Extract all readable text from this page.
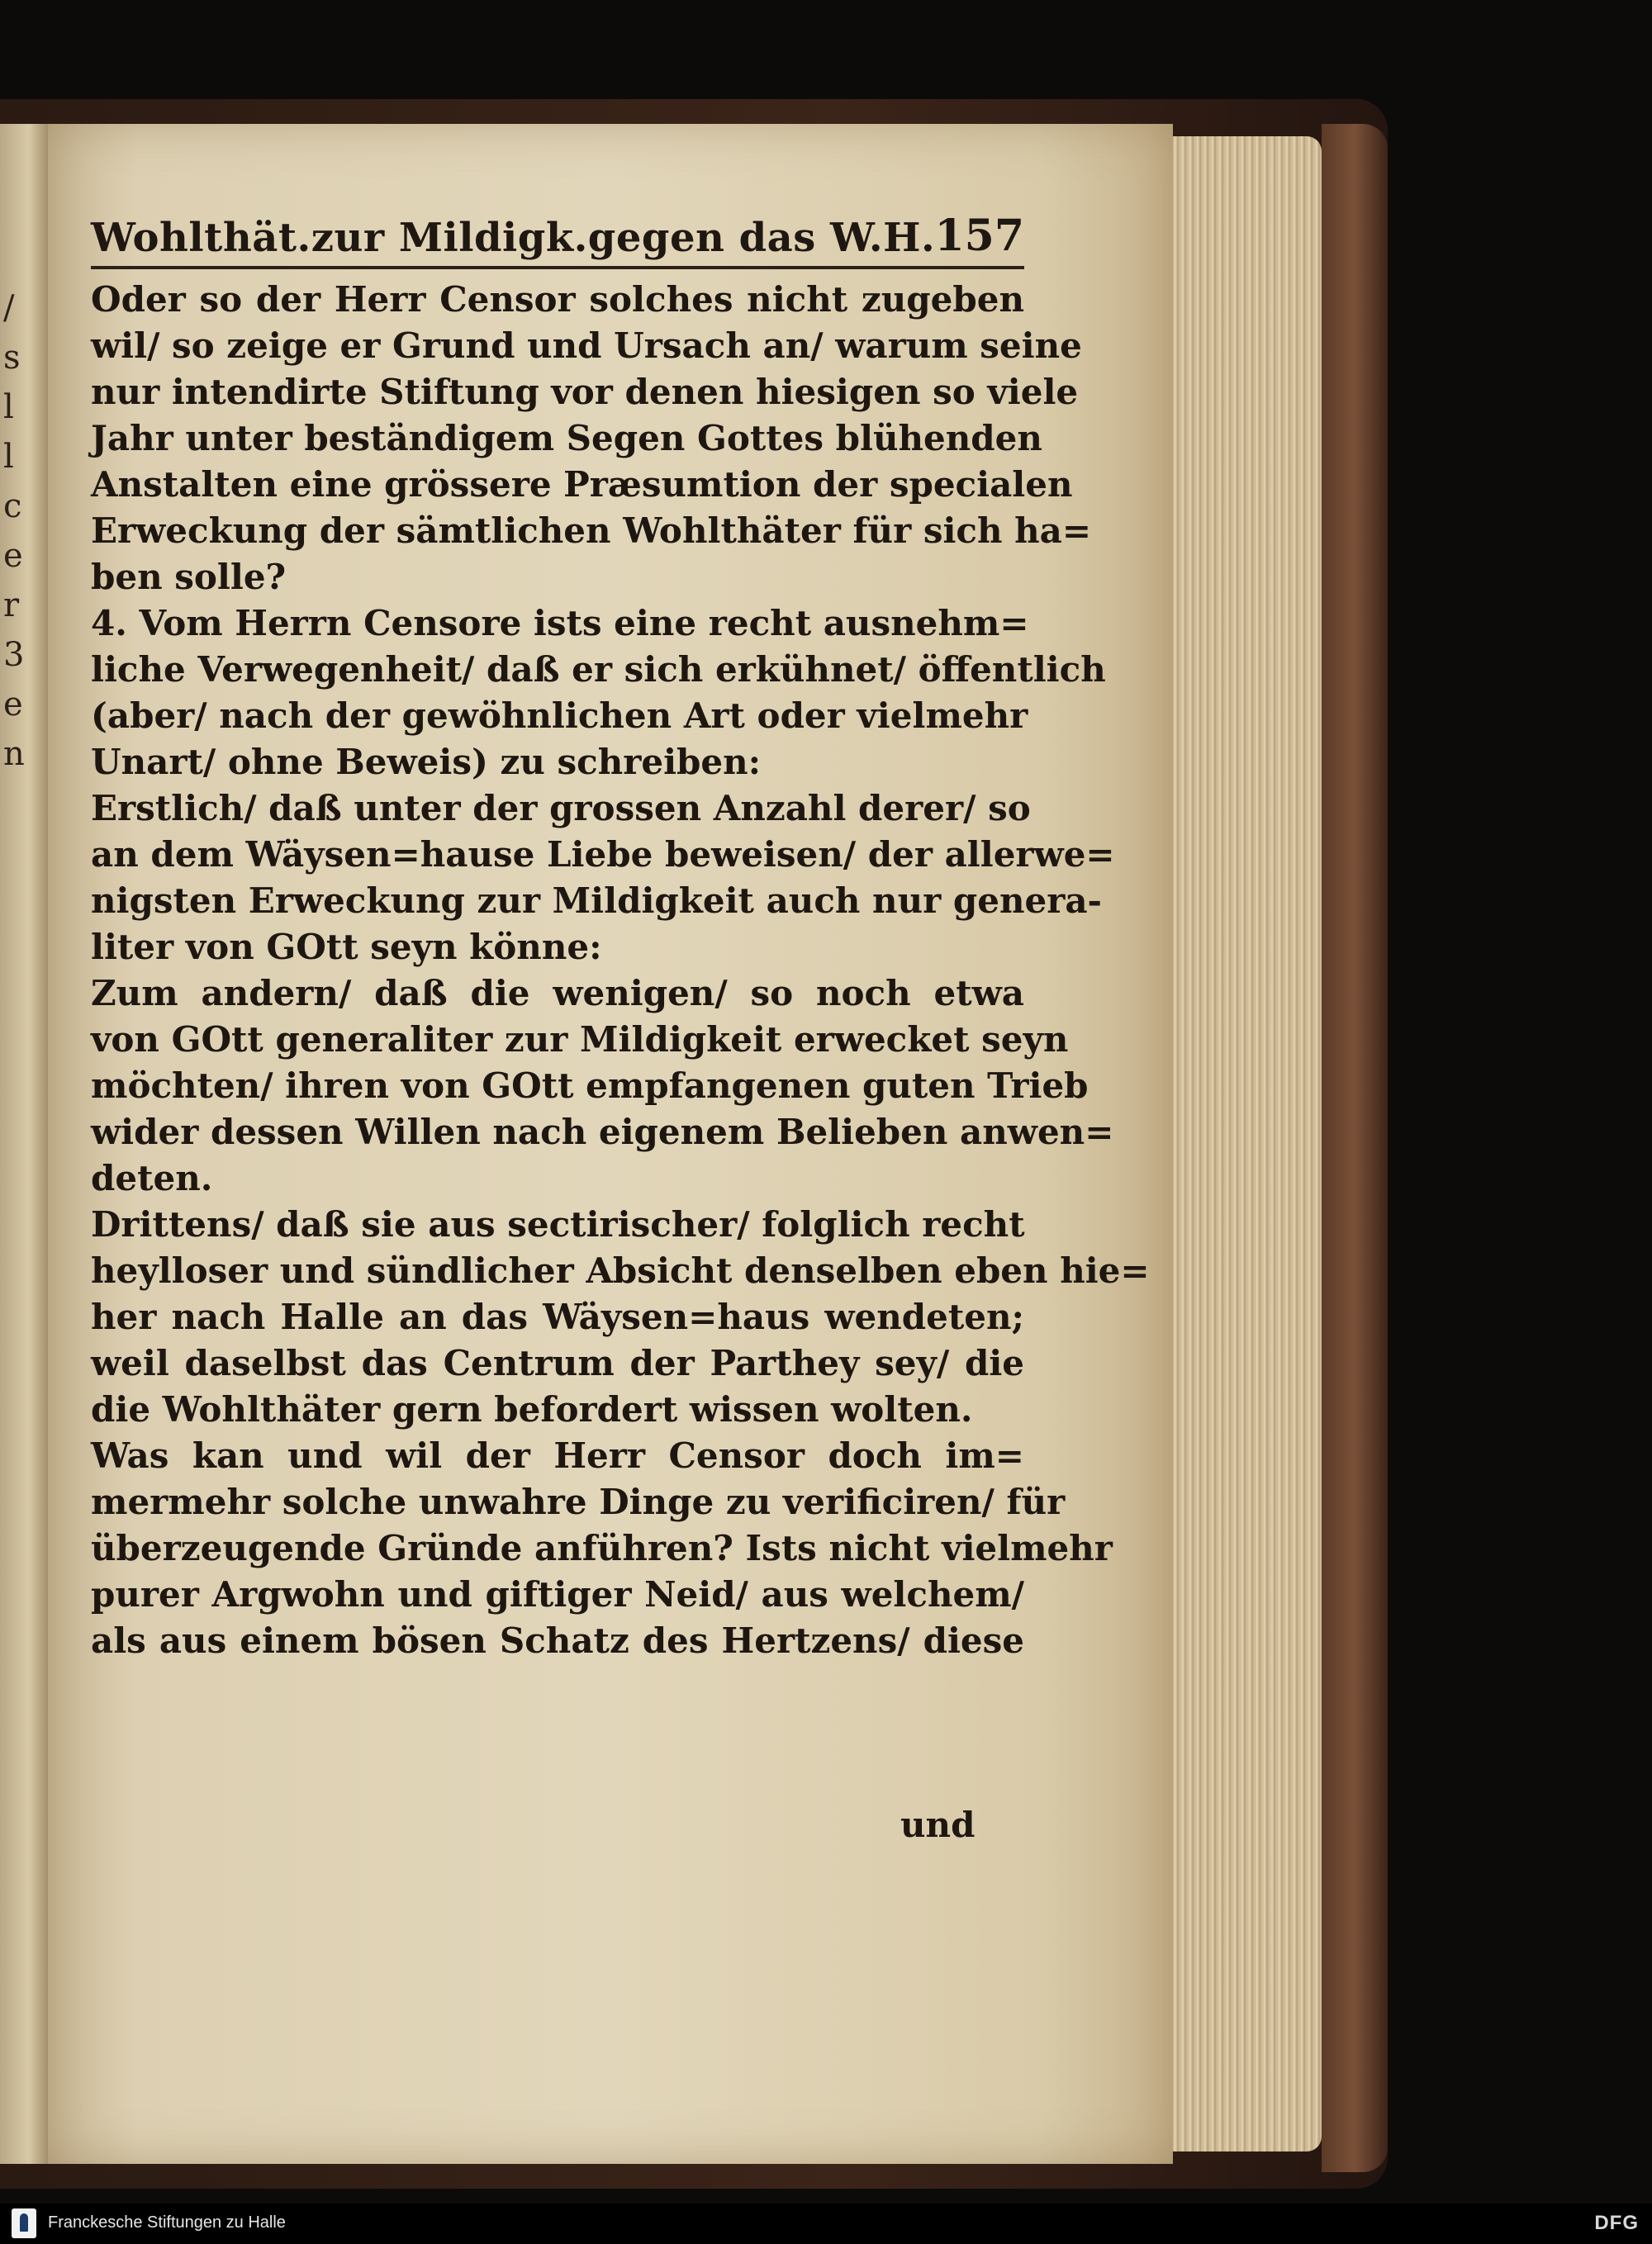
/
s
l
l
c
e
r
3
e
n
Wohlthät.zur Mildigk.gegen das W.H. 157
Oder so der Herr Censor solches nicht zugeben
wil/ so zeige er Grund und Ursach an/ warum seine
nur intendirte Stiftung vor denen hiesigen so viele
Jahr unter beständigem Segen Gottes blühenden
Anstalten eine grössere Præsumtion der specialen
Erweckung der sämtlichen Wohlthäter für sich ha=
ben solle?
4. Vom Herrn Censore ists eine recht ausnehm=
liche Verwegenheit/ daß er sich erkühnet/ öffentlich
(aber/ nach der gewöhnlichen Art oder vielmehr
Unart/ ohne Beweis) zu schreiben:
Erstlich/ daß unter der grossen Anzahl derer/ so
an dem Wäysen=hause Liebe beweisen/ der allerwe=
nigsten Erweckung zur Mildigkeit auch nur genera-
liter von GOtt seyn könne:
Zum andern/ daß die wenigen/ so noch etwa
von GOtt generaliter zur Mildigkeit erwecket seyn
möchten/ ihren von GOtt empfangenen guten Trieb
wider dessen Willen nach eigenem Belieben anwen=
deten.
Drittens/ daß sie aus sectirischer/ folglich recht
heylloser und sündlicher Absicht denselben eben hie=
her nach Halle an das Wäysen=haus wendeten;
weil daselbst das Centrum der Parthey sey/ die
die Wohlthäter gern befordert wissen wolten.
Was kan und wil der Herr Censor doch im=
mermehr solche unwahre Dinge zu verificiren/ für
überzeugende Gründe anführen? Ists nicht vielmehr
purer Argwohn und giftiger Neid/ aus welchem/
als aus einem bösen Schatz des Hertzens/ diese
und
Franckesche Stiftungen zu Halle	DFG
